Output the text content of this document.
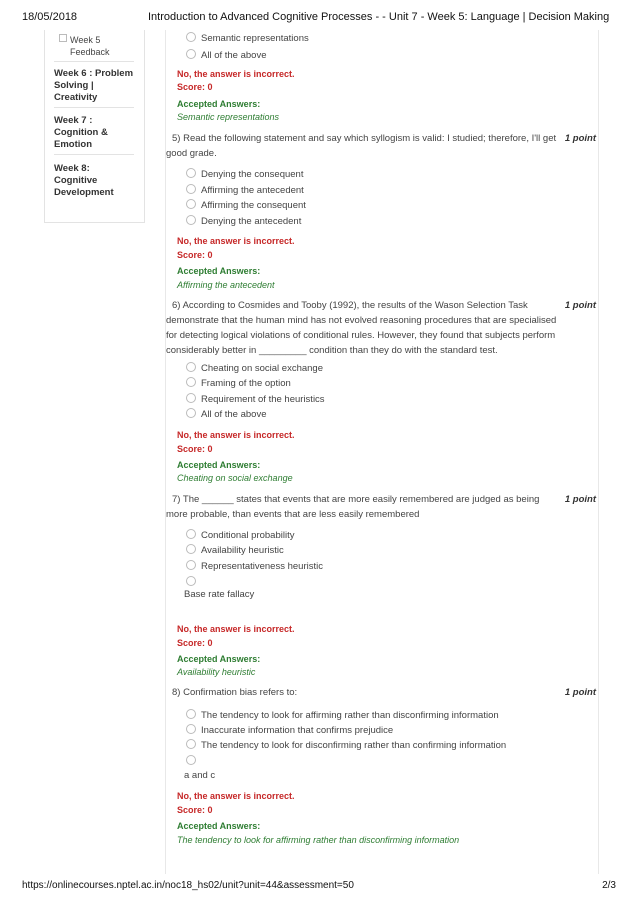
18/05/2018	Introduction to Advanced Cognitive Processes - - Unit 7 - Week 5: Language | Decision Making
Week 5 Feedback
Week 6 : Problem Solving | Creativity
Week 7 : Cognition & Emotion
Week 8: Cognitive Development
Semantic representations
All of the above
No, the answer is incorrect.
Score: 0
Accepted Answers:
Semantic representations
5) Read the following statement and say which syllogism is valid: I studied; therefore, I'll get good grade.
1 point
Denying the consequent
Affirming the antecedent
Affirming the consequent
Denying the antecedent
No, the answer is incorrect.
Score: 0
Accepted Answers:
Affirming the antecedent
6) According to Cosmides and Tooby (1992), the results of the Wason Selection Task demonstrate that the human mind has not evolved reasoning procedures that are specialised for detecting logical violations of conditional rules. However, they found that subjects perform considerably better in _________ condition than they do with the standard test.
1 point
Cheating on social exchange
Framing of the option
Requirement of the heuristics
All of the above
No, the answer is incorrect.
Score: 0
Accepted Answers:
Cheating on social exchange
7) The ______ states that events that are more easily remembered are judged as being more probable, than events that are less easily remembered
1 point
Conditional probability
Availability heuristic
Representativeness heuristic
Base rate fallacy
No, the answer is incorrect.
Score: 0
Accepted Answers:
Availability heuristic
8) Confirmation bias refers to:	1 point
The tendency to look for affirming rather than disconfirming information
Inaccurate information that confirms prejudice
The tendency to look for disconfirming rather than confirming information
a and c
No, the answer is incorrect.
Score: 0
Accepted Answers:
The tendency to look for affirming rather than disconfirming information
https://onlinecourses.nptel.ac.in/noc18_hs02/unit?unit=44&assessment=50	2/3
